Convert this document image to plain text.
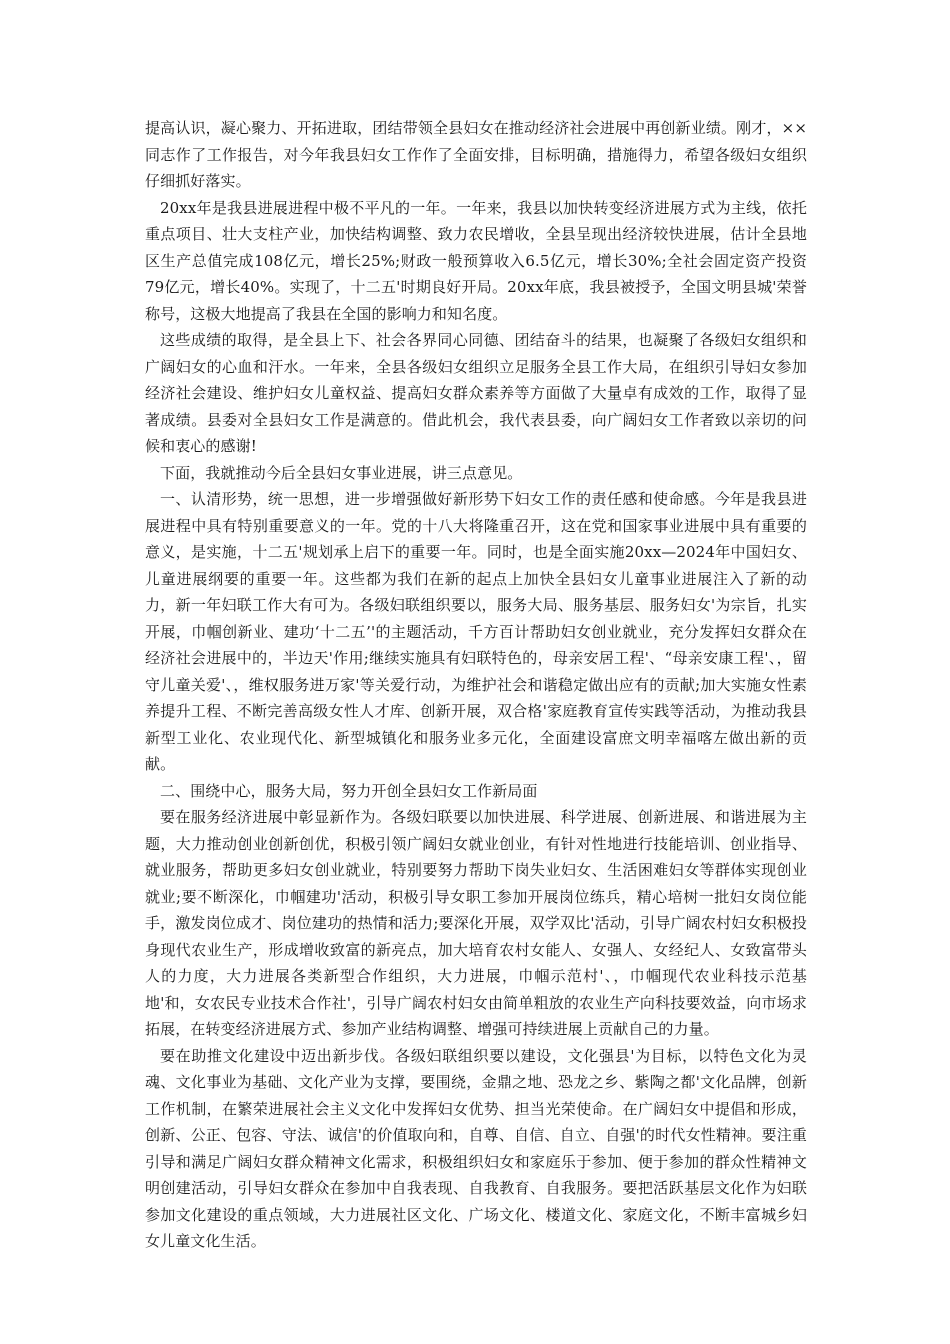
提高认识，凝心聚力、开拓进取，团结带领全县妇女在推动经济社会进展中再创新业绩。刚才，××同志作了工作报告，对今年我县妇女工作作了全面安排，目标明确，措施得力，希望各级妇女组织仔细抓好落实。

20xx年是我县进展进程中极不平凡的一年。一年来，我县以加快转变经济进展方式为主线，依托重点项目、壮大支柱产业，加快结构调整、致力农民增收，全县呈现出经济较快进展，估计全县地区生产总值完成108亿元，增长25%;财政一般预算收入6.5亿元，增长30%;全社会固定资产投资79亿元，增长40%。实现了，十二五'时期良好开局。20xx年底，我县被授予，全国文明县城'荣誉称号，这极大地提高了我县在全国的影响力和知名度。

这些成绩的取得，是全县上下、社会各界同心同德、团结奋斗的结果，也凝聚了各级妇女组织和广阔妇女的心血和汗水。一年来，全县各级妇女组织立足服务全县工作大局，在组织引导妇女参加经济社会建设、维护妇女儿童权益、提高妇女群众素养等方面做了大量卓有成效的工作，取得了显著成绩。县委对全县妇女工作是满意的。借此机会，我代表县委，向广阔妇女工作者致以亲切的问候和衷心的感谢!

下面，我就推动今后全县妇女事业进展，讲三点意见。

一、认清形势，统一思想，进一步增强做好新形势下妇女工作的责任感和使命感。今年是我县进展进程中具有特别重要意义的一年。党的十八大将隆重召开，这在党和国家事业进展中具有重要的意义，是实施，十二五'规划承上启下的重要一年。同时，也是全面实施20xx—2024年中国妇女、儿童进展纲要的重要一年。这些都为我们在新的起点上加快全县妇女儿童事业进展注入了新的动力，新一年妇联工作大有可为。各级妇联组织要以，服务大局、服务基层、服务妇女'为宗旨，扎实开展，巾帼创新业、建功‘十二五’'的主题活动，千方百计帮助妇女创业就业，充分发挥妇女群众在经济社会进展中的，半边天'作用;继续实施具有妇联特色的，母亲安居工程'、“母亲安康工程'、，留守儿童关爱'、，维权服务进万家'等关爱行动，为维护社会和谐稳定做出应有的贡献;加大实施女性素养提升工程、不断完善高级女性人才库、创新开展，双合格'家庭教育宣传实践等活动，为推动我县新型工业化、农业现代化、新型城镇化和服务业多元化，全面建设富庶文明幸福喀左做出新的贡献。

二、围绕中心，服务大局，努力开创全县妇女工作新局面

要在服务经济进展中彰显新作为。各级妇联要以加快进展、科学进展、创新进展、和谐进展为主题，大力推动创业创新创优，积极引领广阔妇女就业创业，有针对性地进行技能培训、创业指导、就业服务，帮助更多妇女创业就业，特别要努力帮助下岗失业妇女、生活困难妇女等群体实现创业就业;要不断深化，巾帼建功'活动，积极引导女职工参加开展岗位练兵，精心培树一批妇女岗位能手，激发岗位成才、岗位建功的热情和活力;要深化开展，双学双比'活动，引导广阔农村妇女积极投身现代农业生产，形成增收致富的新亮点，加大培育农村女能人、女强人、女经纪人、女致富带头人的力度，大力进展各类新型合作组织，大力进展，巾帼示范村'、，巾帼现代农业科技示范基地'和，女农民专业技术合作社'，引导广阔农村妇女由简单粗放的农业生产向科技要效益，向市场求拓展，在转变经济进展方式、参加产业结构调整、增强可持续进展上贡献自己的力量。

要在助推文化建设中迈出新步伐。各级妇联组织要以建设，文化强县'为目标，以特色文化为灵魂、文化事业为基础、文化产业为支撑，要围绕，金鼎之地、恐龙之乡、紫陶之都'文化品牌，创新工作机制，在繁荣进展社会主义文化中发挥妇女优势、担当光荣使命。在广阔妇女中提倡和形成，创新、公正、包容、守法、诚信'的价值取向和，自尊、自信、自立、自强'的时代女性精神。要注重引导和满足广阔妇女群众精神文化需求，积极组织妇女和家庭乐于参加、便于参加的群众性精神文明创建活动，引导妇女群众在参加中自我表现、自我教育、自我服务。要把活跃基层文化作为妇联参加文化建设的重点领域，大力进展社区文化、广场文化、楼道文化、家庭文化，不断丰富城乡妇女儿童文化生活。
